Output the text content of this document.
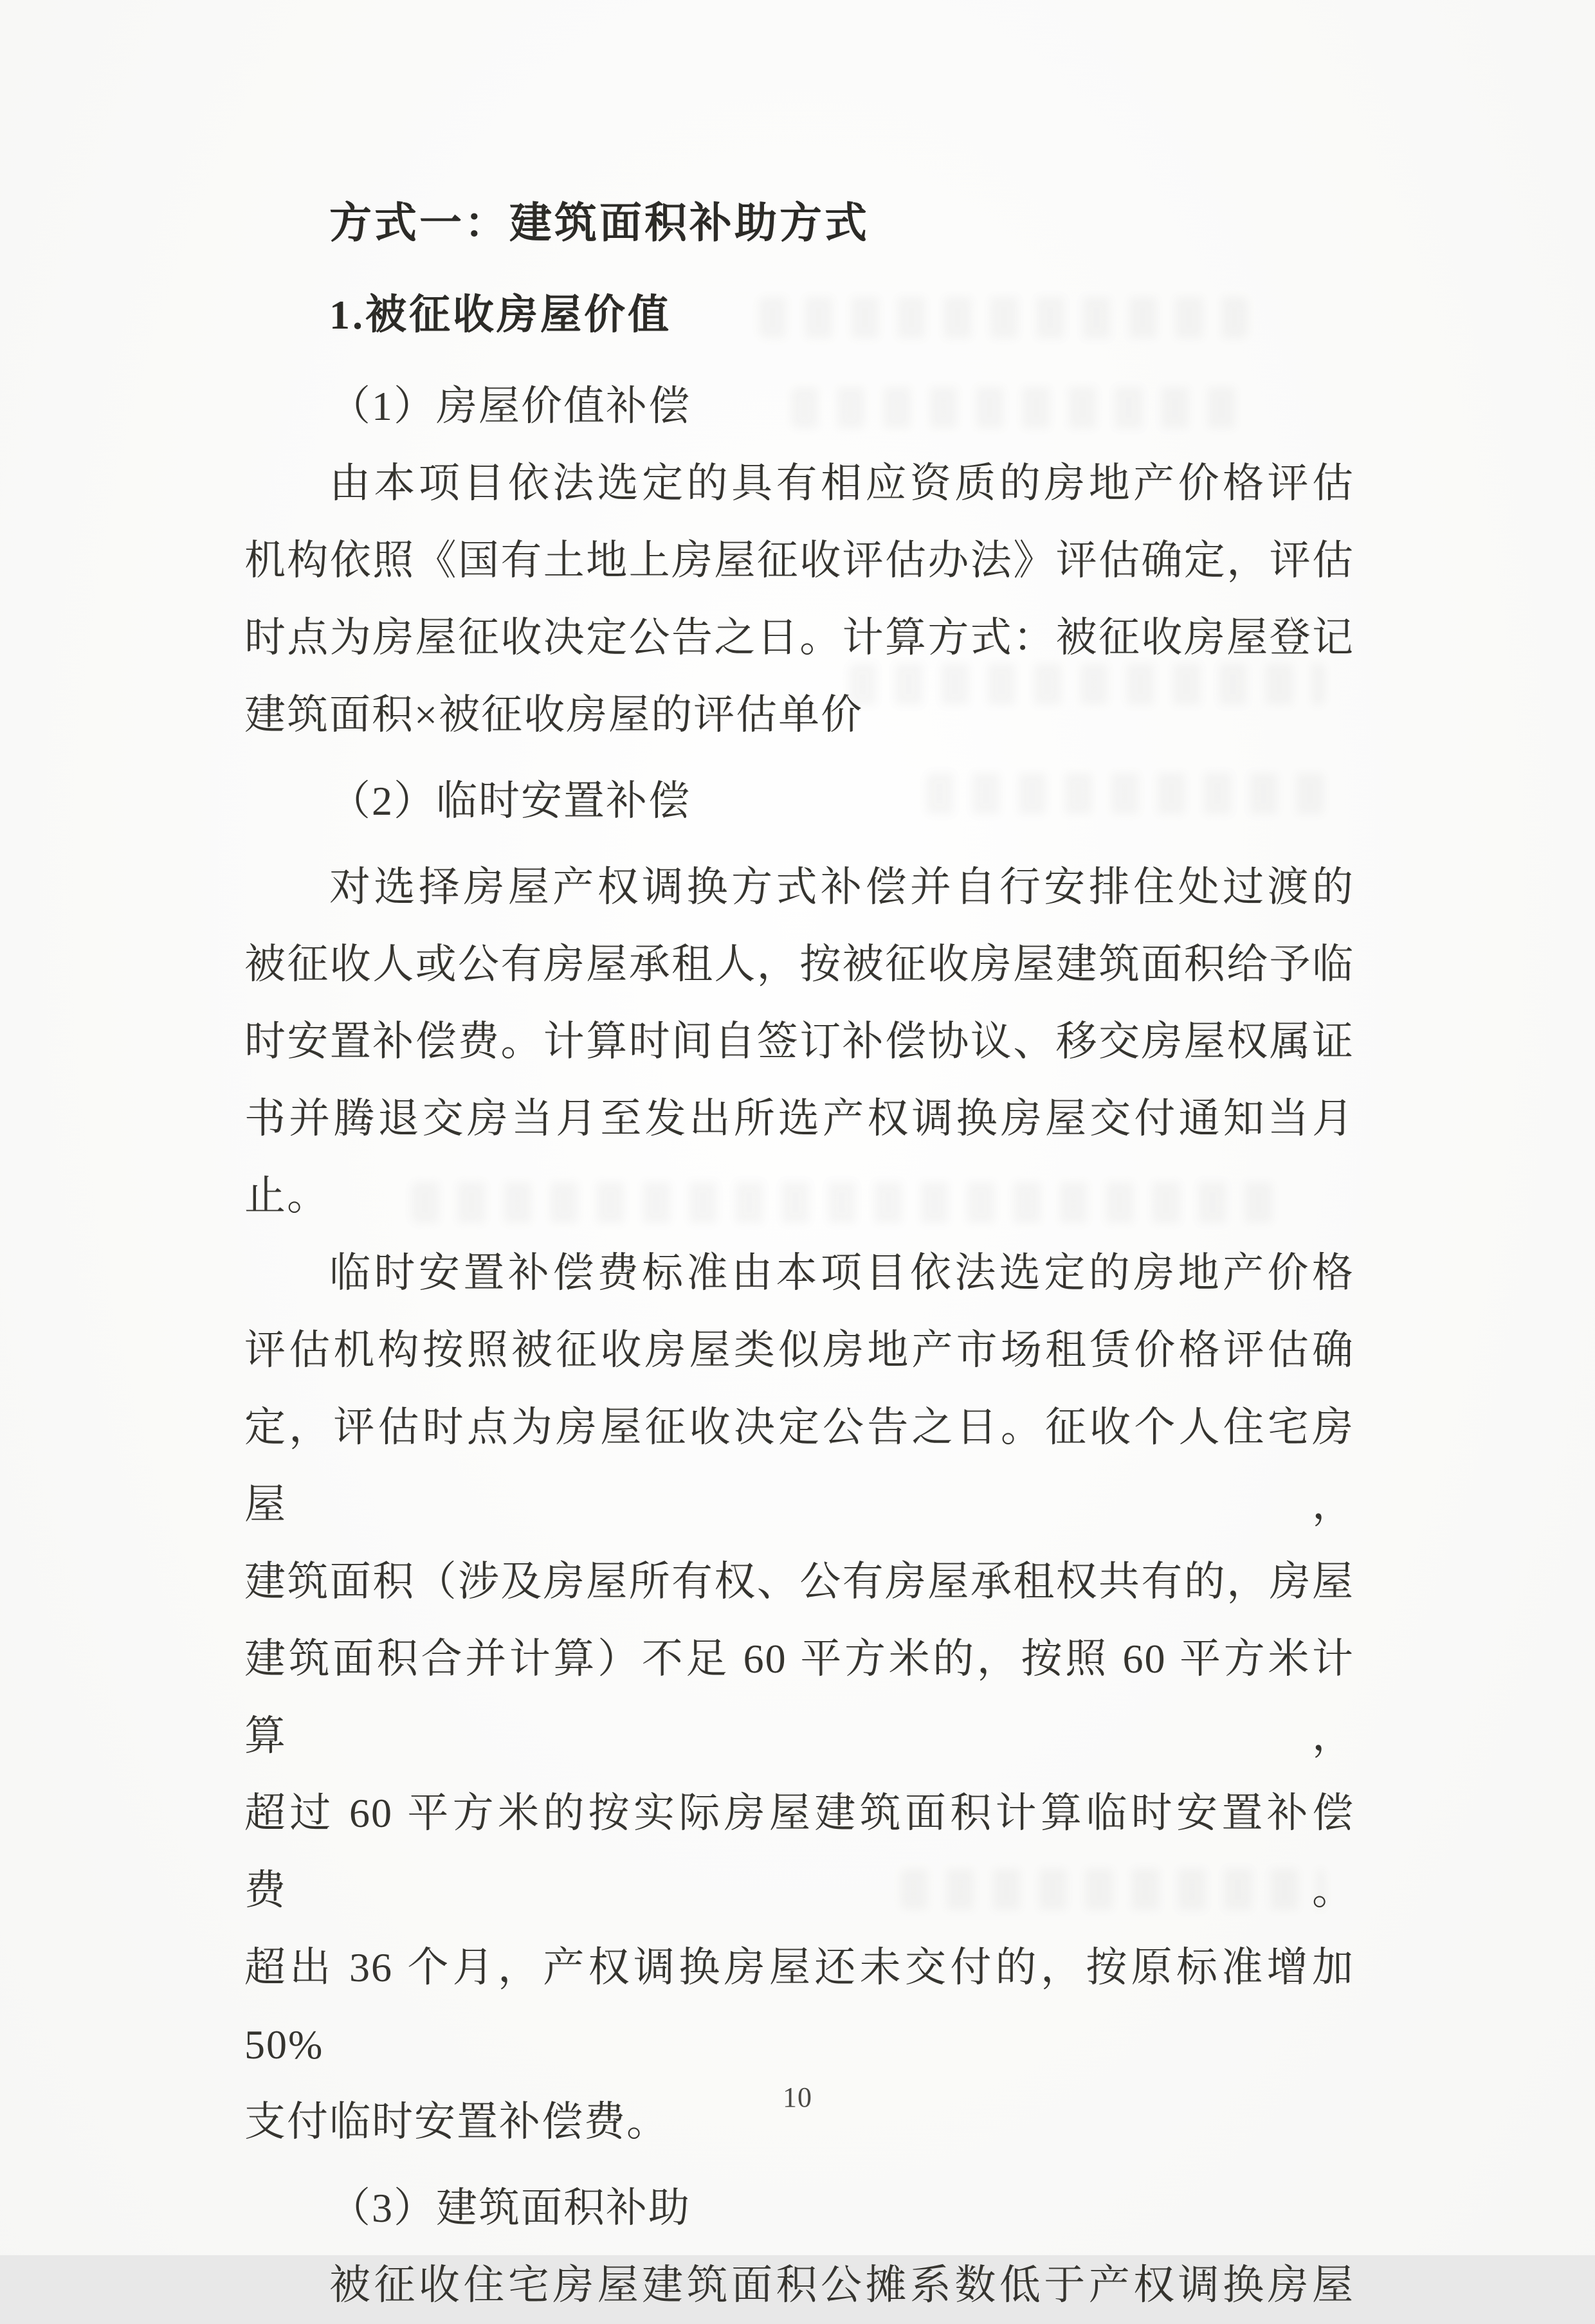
方式一：建筑面积补助方式
1.被征收房屋价值
（1）房屋价值补偿
由本项目依法选定的具有相应资质的房地产价格评估
机构依照《国有土地上房屋征收评估办法》评估确定，评估
时点为房屋征收决定公告之日。计算方式：被征收房屋登记
建筑面积×被征收房屋的评估单价
（2）临时安置补偿
对选择房屋产权调换方式补偿并自行安排住处过渡的
被征收人或公有房屋承租人，按被征收房屋建筑面积给予临
时安置补偿费。计算时间自签订补偿协议、移交房屋权属证
书并腾退交房当月至发出所选产权调换房屋交付通知当月
止。
临时安置补偿费标准由本项目依法选定的房地产价格
评估机构按照被征收房屋类似房地产市场租赁价格评估确
定，评估时点为房屋征收决定公告之日。征收个人住宅房屋，
建筑面积（涉及房屋所有权、公有房屋承租权共有的，房屋
建筑面积合并计算）不足 60 平方米的，按照 60 平方米计算，
超过 60 平方米的按实际房屋建筑面积计算临时安置补偿费。
超出 36 个月，产权调换房屋还未交付的，按原标准增加 50%
支付临时安置补偿费。
（3）建筑面积补助
被征收住宅房屋建筑面积公摊系数低于产权调换房屋
10
